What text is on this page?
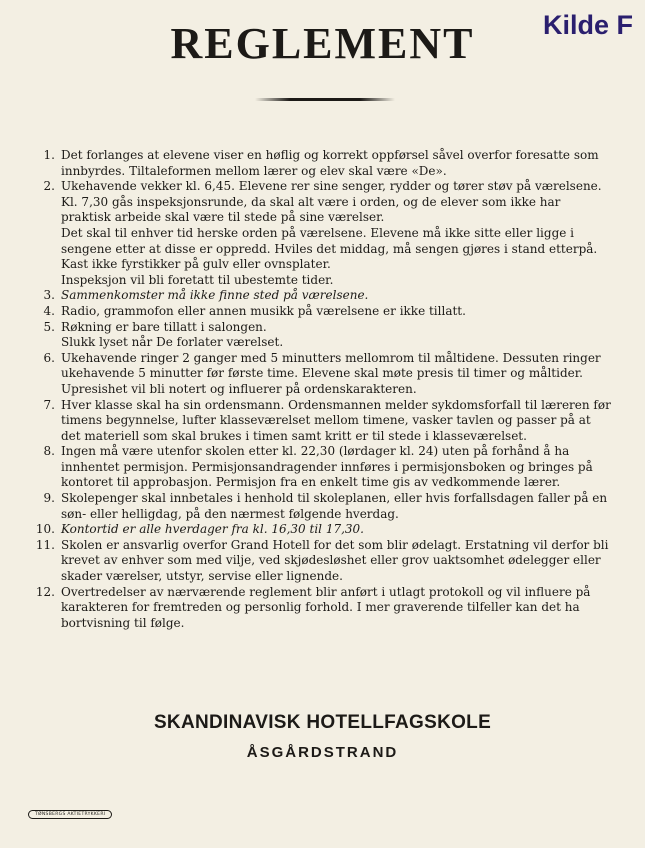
Kilde F
REGLEMENT
1. Det forlanges at elevene viser en høflig og korrekt oppførsel såvel overfor foresatte som innbyrdes. Tiltaleformen mellom lærer og elev skal være «De».
2. Ukehavende vekker kl. 6,45. Elevene rer sine senger, rydder og tører støv på værelsene. Kl. 7,30 gås inspeksjonsrunde, da skal alt være i orden, og de elever som ikke har praktisk arbeide skal være til stede på sine værelser.
Det skal til enhver tid herske orden på værelsene. Elevene må ikke sitte eller ligge i sengene etter at disse er oppredd. Hviles det middag, må sengen gjøres i stand etterpå.
Kast ikke fyrstikker på gulv eller ovnsplater.
Inspeksjon vil bli foretatt til ubestemte tider.
3. Sammenkomster må ikke finne sted på værelsene.
4. Radio, grammofon eller annen musikk på værelsene er ikke tillatt.
5. Røkning er bare tillatt i salongen.
Slukk lyset når De forlater værelset.
6. Ukehavende ringer 2 ganger med 5 minutters mellomrom til måltidene. Dessuten ringer ukehavende 5 minutter før første time. Elevene skal møte presis til timer og måltider. Upresishet vil bli notert og influerer på ordenskarakteren.
7. Hver klasse skal ha sin ordensmann. Ordensmannen melder sykdomsforfall til læreren før timens begynnelse, lufter klasseværelset mellom timene, vasker tavlen og passer på at det materiell som skal brukes i timen samt kritt er til stede i klasseværelset.
8. Ingen må være utenfor skolen etter kl. 22,30 (lørdager kl. 24) uten på forhånd å ha innhentet permisjon. Permisjonsandragender innføres i permisjonsboken og bringes på kontoret til approbasjon. Permisjon fra en enkelt time gis av vedkommende lærer.
9. Skolepenger skal innbetales i henhold til skoleplanen, eller hvis forfallsdagen faller på en søn- eller helligdag, på den nærmest følgende hverdag.
10. Kontortid er alle hverdager fra kl. 16,30 til 17,30.
11. Skolen er ansvarlig overfor Grand Hotell for det som blir ødelagt. Erstatning vil derfor bli krevet av enhver som med vilje, ved skjødesløshet eller grov uaktsomhet ødelegger eller skader værelser, utstyr, servise eller lignende.
12. Overtredelser av nærværende reglement blir anført i utlagt protokoll og vil influere på karakteren for fremtreden og personlig forhold. I mer graverende tilfeller kan det ha bortvisning til følge.
SKANDINAVISK HOTELLFAGSKOLE
ÅSGÅRDSTRAND
TØNSBERGS AKTIETRYKKERI
